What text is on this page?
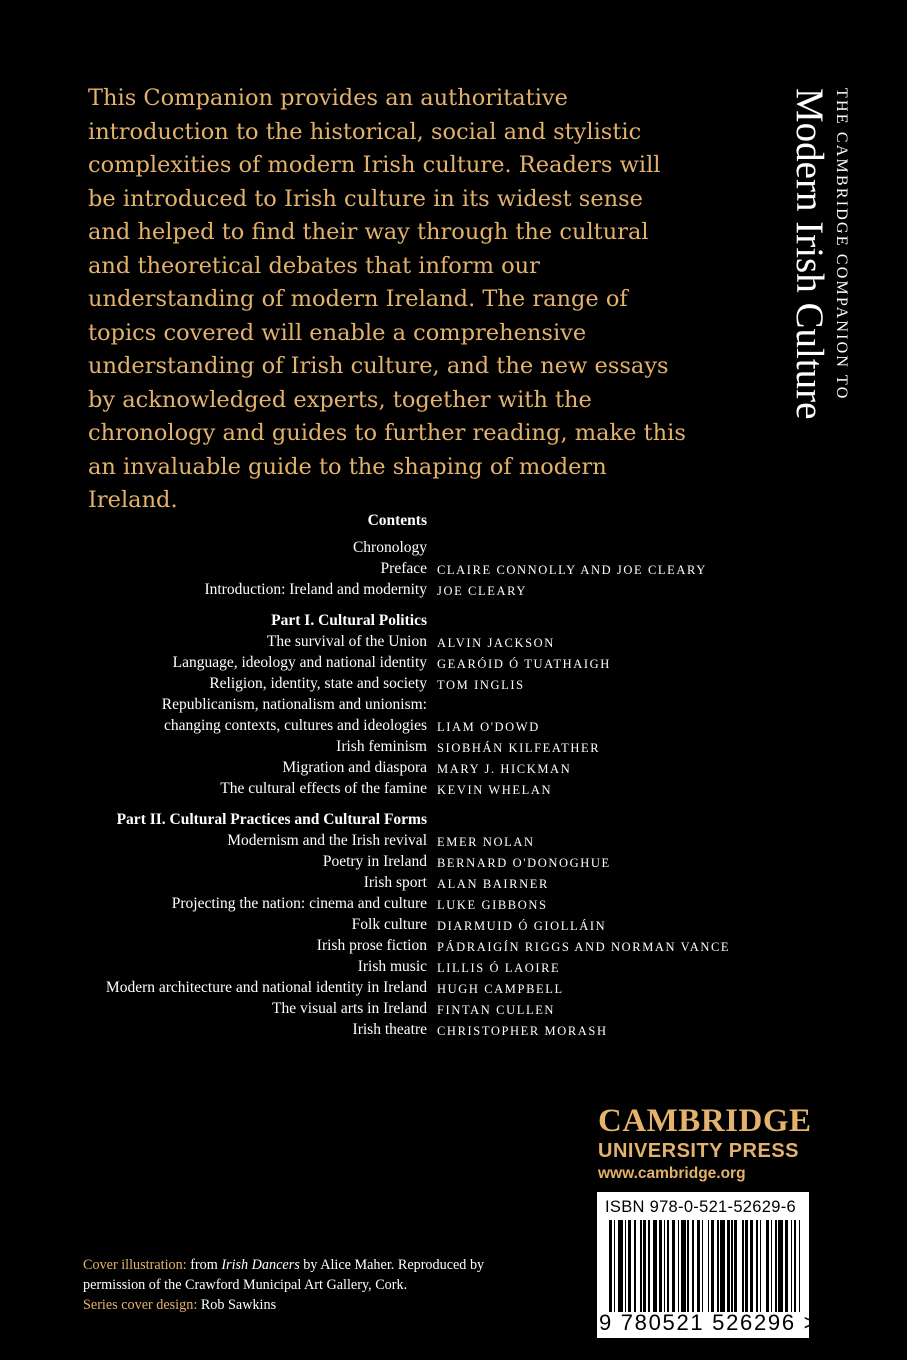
This Companion provides an authoritative introduction to the historical, social and stylistic complexities of modern Irish culture. Readers will be introduced to Irish culture in its widest sense and helped to find their way through the cultural and theoretical debates that inform our understanding of modern Ireland. The range of topics covered will enable a comprehensive understanding of Irish culture, and the new essays by acknowledged experts, together with the chronology and guides to further reading, make this an invaluable guide to the shaping of modern Ireland.

THE CAMBRIDGE COMPANION TO
Modern Irish Culture
Contents
Chronology
Preface CLAIRE CONNOLLY AND JOE CLEARY
Introduction: Ireland and modernity JOE CLEARY
Part I. Cultural Politics
The survival of the Union ALVIN JACKSON
Language, ideology and national identity GEARÓID Ó TUATHAIGH
Religion, identity, state and society TOM INGLIS
Republicanism, nationalism and unionism:
changing contexts, cultures and ideologies LIAM O'DOWD
Irish feminism SIOBHÁN KILFEATHER
Migration and diaspora MARY J. HICKMAN
The cultural effects of the famine KEVIN WHELAN
Part II. Cultural Practices and Cultural Forms
Modernism and the Irish revival EMER NOLAN
Poetry in Ireland BERNARD O'DONOGHUE
Irish sport ALAN BAIRNER
Projecting the nation: cinema and culture LUKE GIBBONS
Folk culture DIARMUID Ó GIOLLÁIN
Irish prose fiction PÁDRAIGÍN RIGGS AND NORMAN VANCE
Irish music LILLIS Ó LAOIRE
Modern architecture and national identity in Ireland HUGH CAMPBELL
The visual arts in Ireland FINTAN CULLEN
Irish theatre CHRISTOPHER MORASH
CAMBRIDGE
UNIVERSITY PRESS
www.cambridge.org
ISBN 978-0-521-52629-6
9 780521 526296 >
Cover illustration: from Irish Dancers by Alice Maher. Reproduced by
permission of the Crawford Municipal Art Gallery, Cork.
Series cover design: Rob Sawkins
